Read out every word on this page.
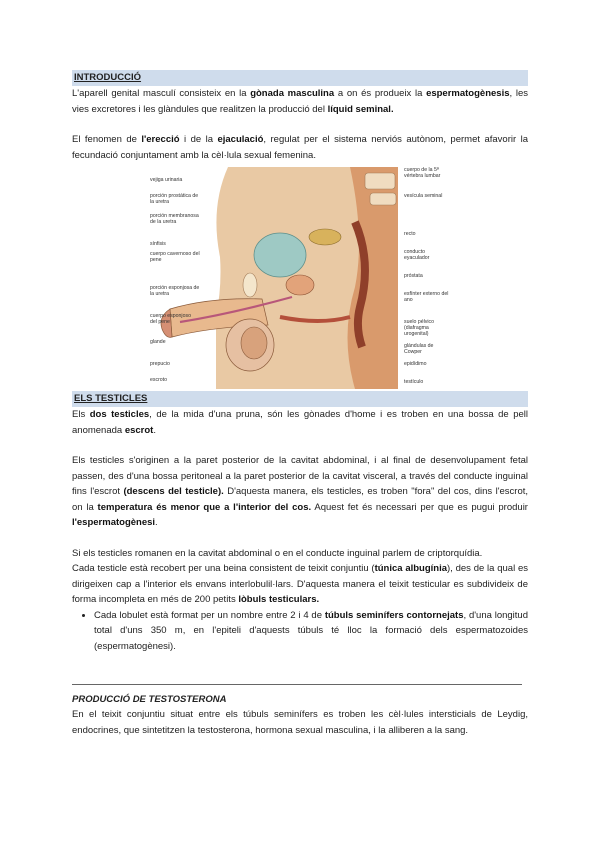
INTRODUCCIÓ

L'aparell genital masculí consisteix en la gònada masculina a on és produeix la espermatogènesis, les vies excretores i les glàndules que realitzen la producció del líquid seminal.

El fenomen de l'erecció i de la ejaculació, regulat per el sistema nerviós autònom, permet afavorir la fecundació conjuntament amb la cèl·lula sexual femenina.

vejiga urinaria
porción prostática de la uretra
porción membranosa de la uretra
sínfisis
cuerpo cavernoso del pene
porción esponjosa de la uretra
cuerpo esponjoso del pene
glande
prepucio
escroto
cuerpo de la 5ª vértebra lumbar
vesícula seminal
recto
conducto eyaculador
próstata
esfínter externo del ano
suelo pélvico (diafragma urogenital)
glándulas de Cowper
epidídimo
testículo
ELS TESTICLES

Els dos testicles, de la mida d'una pruna, són les gònades d'home i es troben en una bossa de pell anomenada escrot.

Els testicles s'originen a la paret posterior de la cavitat abdominal, i al final de desenvolupament fetal passen, des d'una bossa peritoneal a la paret posterior de la cavitat visceral, a través del conducte inguinal fins l'escrot (descens del testicle). D'aquesta manera, els testicles, es troben "fora" del cos, dins l'escrot, on la temperatura és menor que a l'interior del cos. Aquest fet és necessari per que es pugui produir l'espermatogènesi.

Si els testicles romanen en la cavitat abdominal o en el conducte inguinal parlem de criptorquídia.

Cada testicle està recobert per una beina consistent de teixit conjuntiu (túnica albugínia), des de la qual es dirigeixen cap a l'interior els envans interlobulil·lars. D'aquesta manera el teixit testicular es subdivideix de forma incompleta en més de 200 petits lòbuls testiculars.

• Cada lobulet està format per un nombre entre 2 i 4 de túbuls seminífers contornejats, d'una longitud total d'uns 350 m, en l'epiteli d'aquests túbuls té lloc la formació dels espermatozoides (espermatogènesi).
PRODUCCIÓ DE TESTOSTERONA

En el teixit conjuntiu situat entre els túbuls seminífers es troben les cèl·lules intersticials de Leydig, endocrines, que sintetitzen la testosterona, hormona sexual masculina, i la alliberen a la sang.
